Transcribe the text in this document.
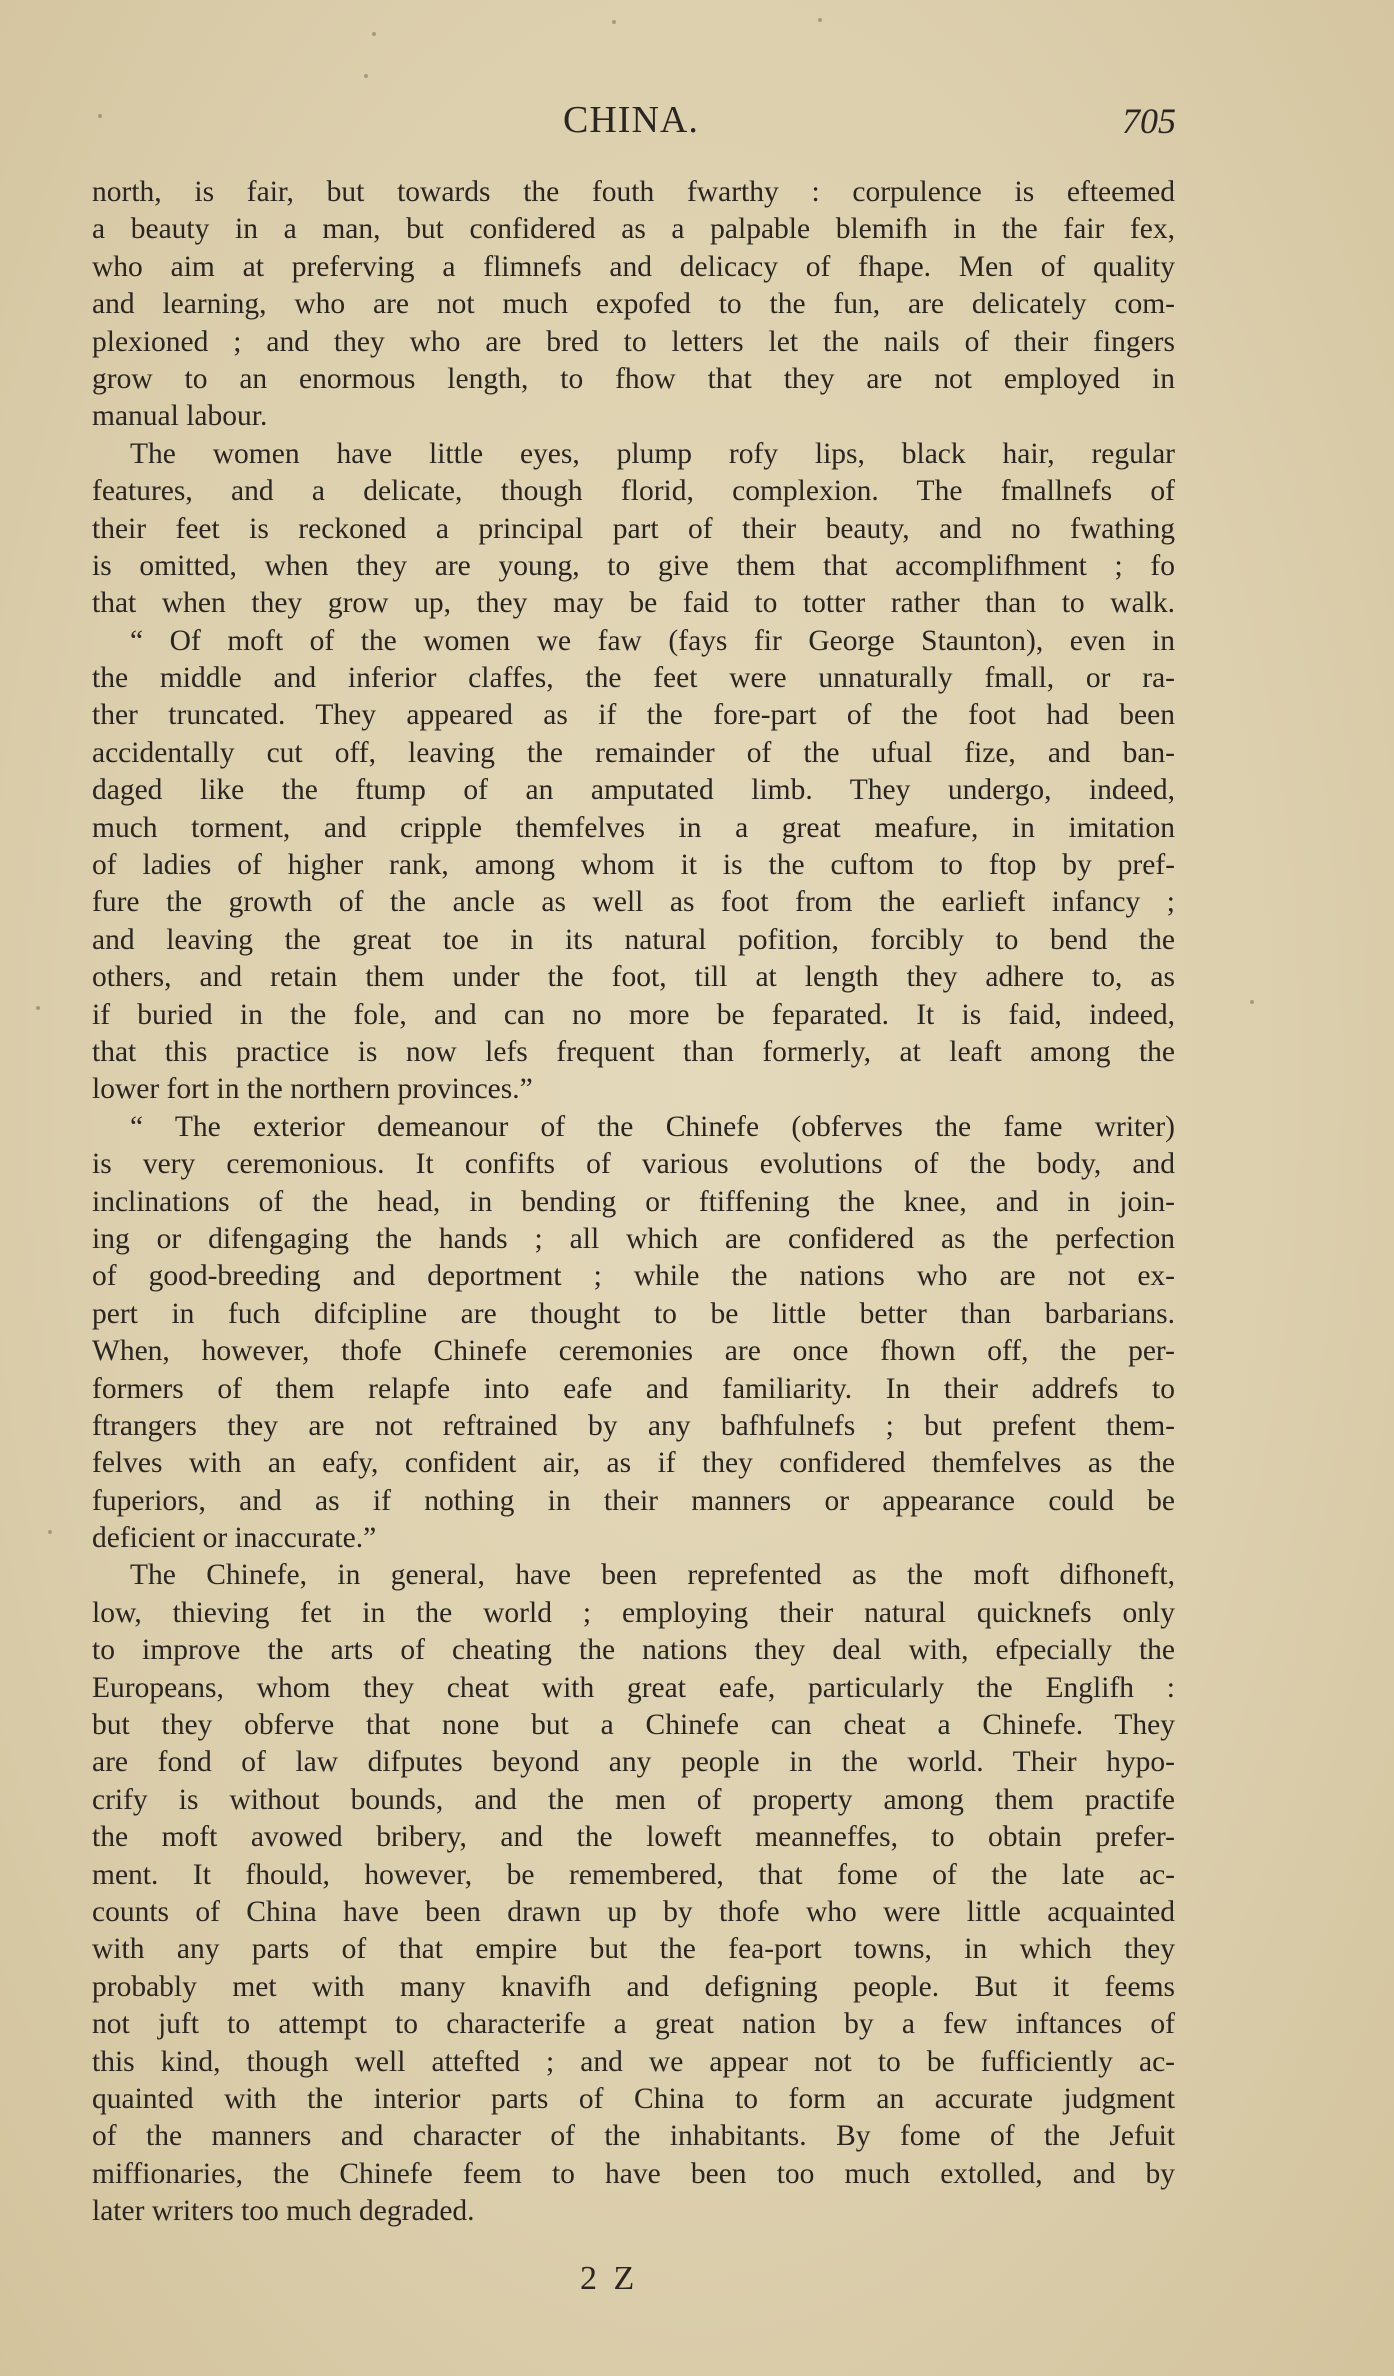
CHINA.	705
north, is fair, but towards the fouth fwarthy : corpulence is efteemed
a beauty in a man, but confidered as a palpable blemifh in the fair fex,
who aim at preferving a flimnefs and delicacy of fhape. Men of quality
and learning, who are not much expofed to the fun, are delicately com-
plexioned ; and they who are bred to letters let the nails of their fingers
grow to an enormous length, to fhow that they are not employed in
manual labour.
The women have little eyes, plump rofy lips, black hair, regular
features, and a delicate, though florid, complexion. The fmallnefs of
their feet is reckoned a principal part of their beauty, and no fwathing
is omitted, when they are young, to give them that accomplifhment ; fo
that when they grow up, they may be faid to totter rather than to walk.
“ Of moft of the women we faw (fays fir George Staunton), even in
the middle and inferior claffes, the feet were unnaturally fmall, or ra-
ther truncated. They appeared as if the fore-part of the foot had been
accidentally cut off, leaving the remainder of the ufual fize, and ban-
daged like the ftump of an amputated limb. They undergo, indeed,
much torment, and cripple themfelves in a great meafure, in imitation
of ladies of higher rank, among whom it is the cuftom to ftop by pref-
fure the growth of the ancle as well as foot from the earlieft infancy ;
and leaving the great toe in its natural pofition, forcibly to bend the
others, and retain them under the foot, till at length they adhere to, as
if buried in the fole, and can no more be feparated. It is faid, indeed,
that this practice is now lefs frequent than formerly, at leaft among the
lower fort in the northern provinces.”
“ The exterior demeanour of the Chinefe (obferves the fame writer)
is very ceremonious. It confifts of various evolutions of the body, and
inclinations of the head, in bending or ftiffening the knee, and in join-
ing or difengaging the hands ; all which are confidered as the perfection
of good-breeding and deportment ; while the nations who are not ex-
pert in fuch difcipline are thought to be little better than barbarians.
When, however, thofe Chinefe ceremonies are once fhown off, the per-
formers of them relapfe into eafe and familiarity. In their addrefs to
ftrangers they are not reftrained by any bafhfulnefs ; but prefent them-
felves with an eafy, confident air, as if they confidered themfelves as the
fuperiors, and as if nothing in their manners or appearance could be
deficient or inaccurate.”
The Chinefe, in general, have been reprefented as the moft difhoneft,
low, thieving fet in the world ; employing their natural quicknefs only
to improve the arts of cheating the nations they deal with, efpecially the
Europeans, whom they cheat with great eafe, particularly the Englifh :
but they obferve that none but a Chinefe can cheat a Chinefe. They
are fond of law difputes beyond any people in the world. Their hypo-
crify is without bounds, and the men of property among them practife
the moft avowed bribery, and the loweft meanneffes, to obtain prefer-
ment. It fhould, however, be remembered, that fome of the late ac-
counts of China have been drawn up by thofe who were little acquainted
with any parts of that empire but the fea-port towns, in which they
probably met with many knavifh and defigning people. But it feems
not juft to attempt to characterife a great nation by a few inftances of
this kind, though well attefted ; and we appear not to be fufficiently ac-
quainted with the interior parts of China to form an accurate judgment
of the manners and character of the inhabitants. By fome of the Jefuit
miffionaries, the Chinefe feem to have been too much extolled, and by
later writers too much degraded.
2 Z
